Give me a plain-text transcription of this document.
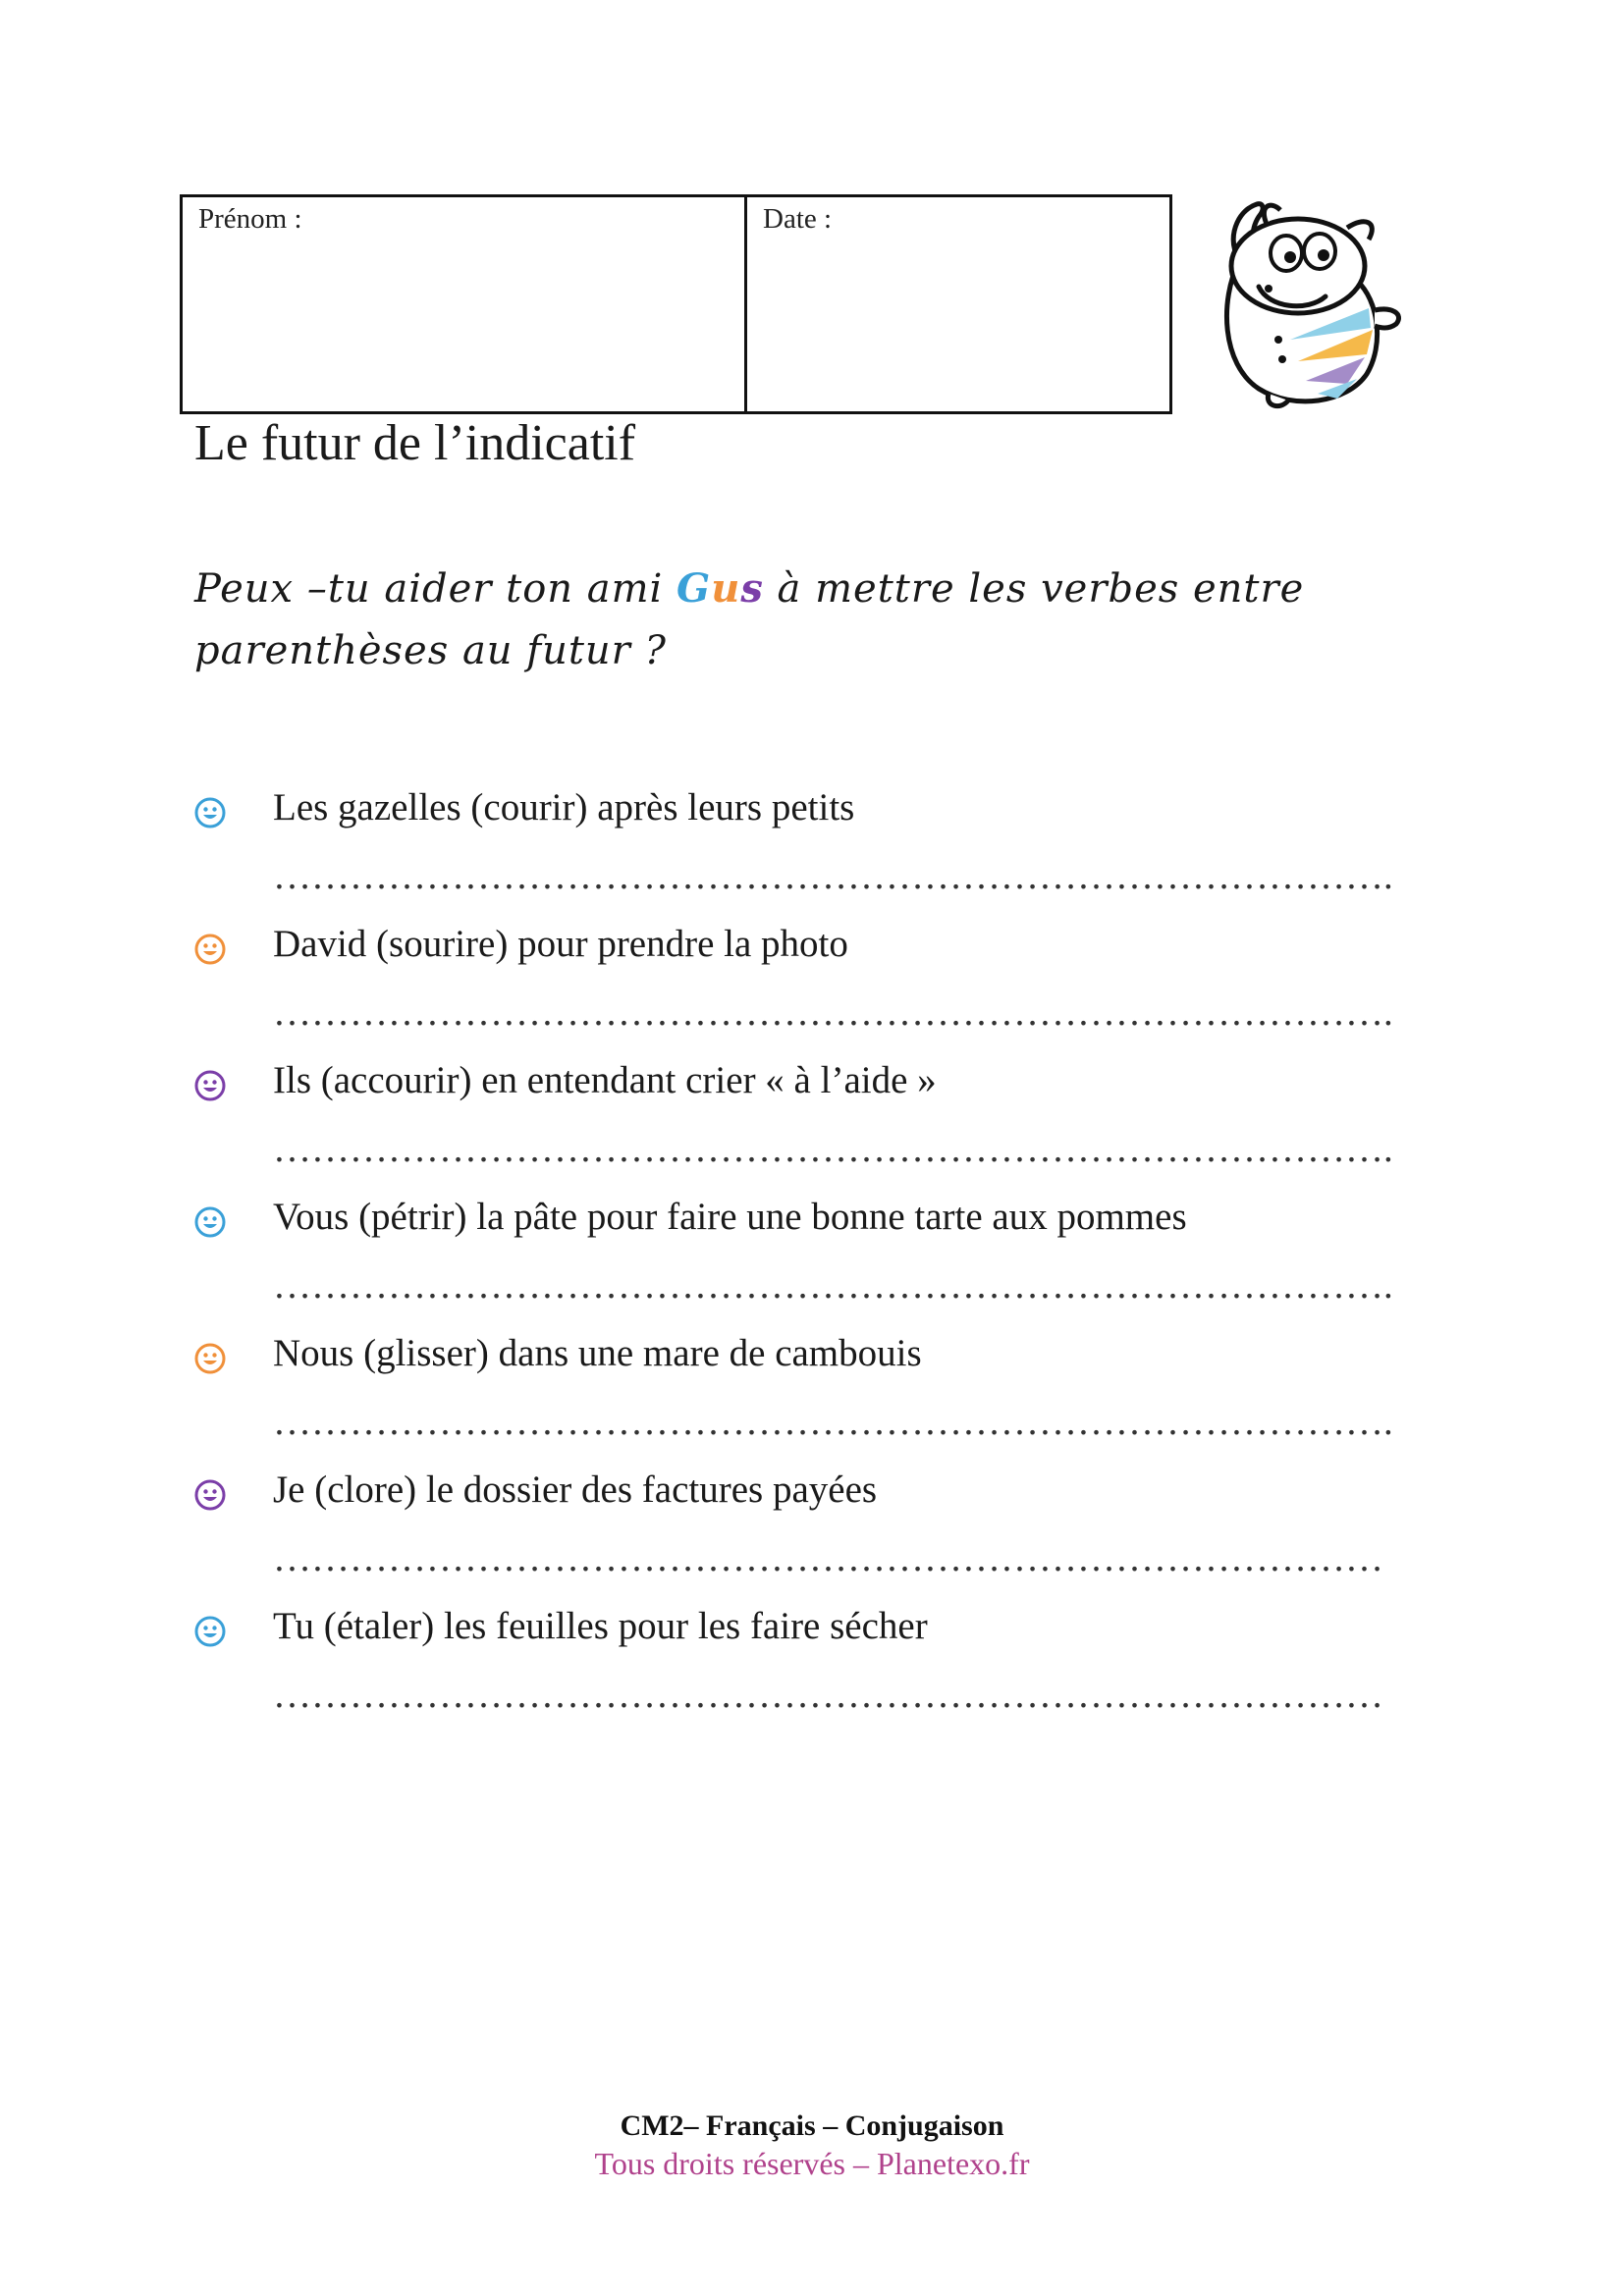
Prénom :	Date :
Le futur de l’indicatif
Peux –tu aider ton ami Gus à mettre les verbes entre
parenthèses au futur ?
Les gazelles (courir) après leurs petits
…………………………………………………………………………….
David (sourire) pour prendre la photo
…………………………………………………………………………….
Ils (accourir) en entendant crier « à l’aide »
…………………………………………………………………………….
Vous (pétrir) la pâte pour faire une bonne tarte aux pommes
…………………………………………………………………………….
Nous (glisser) dans une mare de cambouis
…………………………………………………………………………….
Je (clore) le dossier des factures payées
……………………………………………………………………………
Tu (étaler) les feuilles pour les faire sécher
……………………………………………………………………………
CM2– Français – Conjugaison
Tous droits réservés – Planetexo.fr
